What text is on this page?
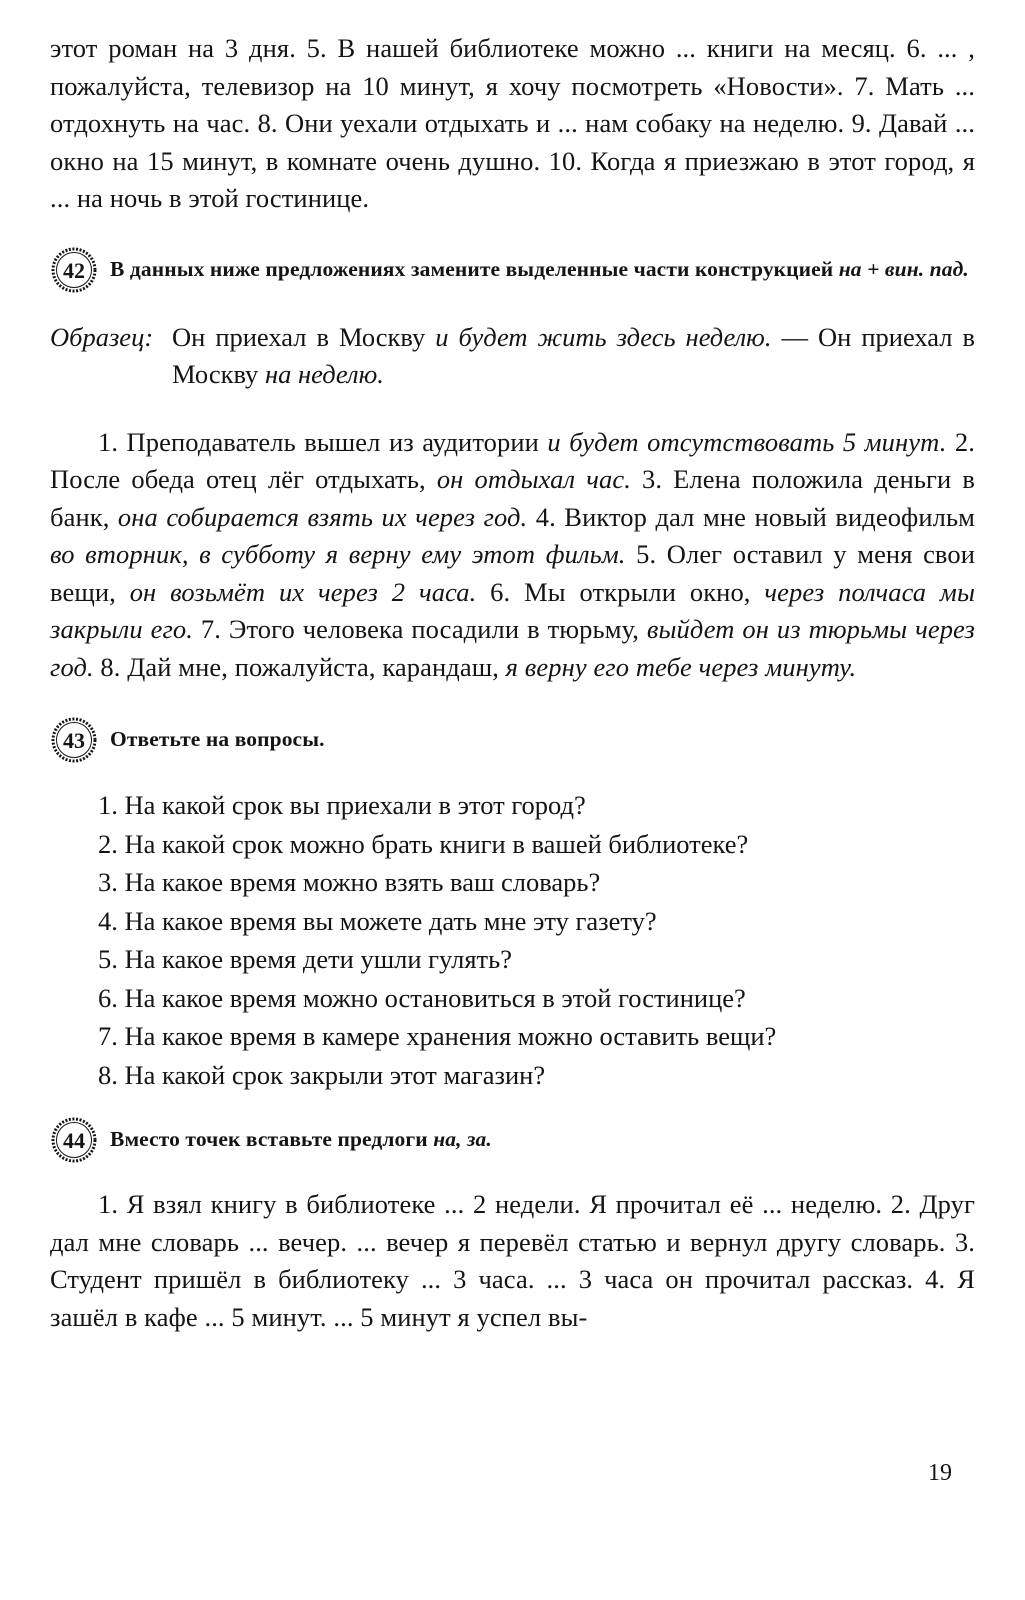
этот роман на 3 дня. 5. В нашей библиотеке можно ... книги на месяц. 6. ... , пожалуйста, телевизор на 10 минут, я хочу посмотреть «Новости». 7. Мать ... отдохнуть на час. 8. Они уехали отдыхать и ... нам собаку на неделю. 9. Давай ... окно на 15 минут, в комнате очень душно. 10. Когда я приезжаю в этот город, я ... на ночь в этой гостинице.

42 В данных ниже предложениях замените выделенные части конструкцией на + вин. пад.
Образец: Он приехал в Москву и будет жить здесь неделю. — Он приехал в Москву на неделю.

1. Преподаватель вышел из аудитории и будет отсутствовать 5 минут. 2. После обеда отец лёг отдыхать, он отдыхал час. 3. Елена положила деньги в банк, она собирается взять их через год. 4. Виктор дал мне новый видеофильм во вторник, в субботу я верну ему этот фильм. 5. Олег оставил у меня свои вещи, он возьмёт их через 2 часа. 6. Мы открыли окно, через полчаса мы закрыли его. 7. Этого человека посадили в тюрьму, выйдет он из тюрьмы через год. 8. Дай мне, пожалуйста, карандаш, я верну его тебе через минуту.

43 Ответьте на вопросы.
1. На какой срок вы приехали в этот город?
2. На какой срок можно брать книги в вашей библиотеке?
3. На какое время можно взять ваш словарь?
4. На какое время вы можете дать мне эту газету?
5. На какое время дети ушли гулять?
6. На какое время можно остановиться в этой гостинице?
7. На какое время в камере хранения можно оставить вещи?
8. На какой срок закрыли этот магазин?
44 Вместо точек вставьте предлоги на, за.

1. Я взял книгу в библиотеке ... 2 недели. Я прочитал её ... неделю. 2. Друг дал мне словарь ... вечер. ... вечер я перевёл статью и вернул другу словарь. 3. Студент пришёл в библиотеку ... 3 часа. ... 3 часа он прочитал рассказ. 4. Я зашёл в кафе ... 5 минут. ... 5 минут я успел вы-

19
